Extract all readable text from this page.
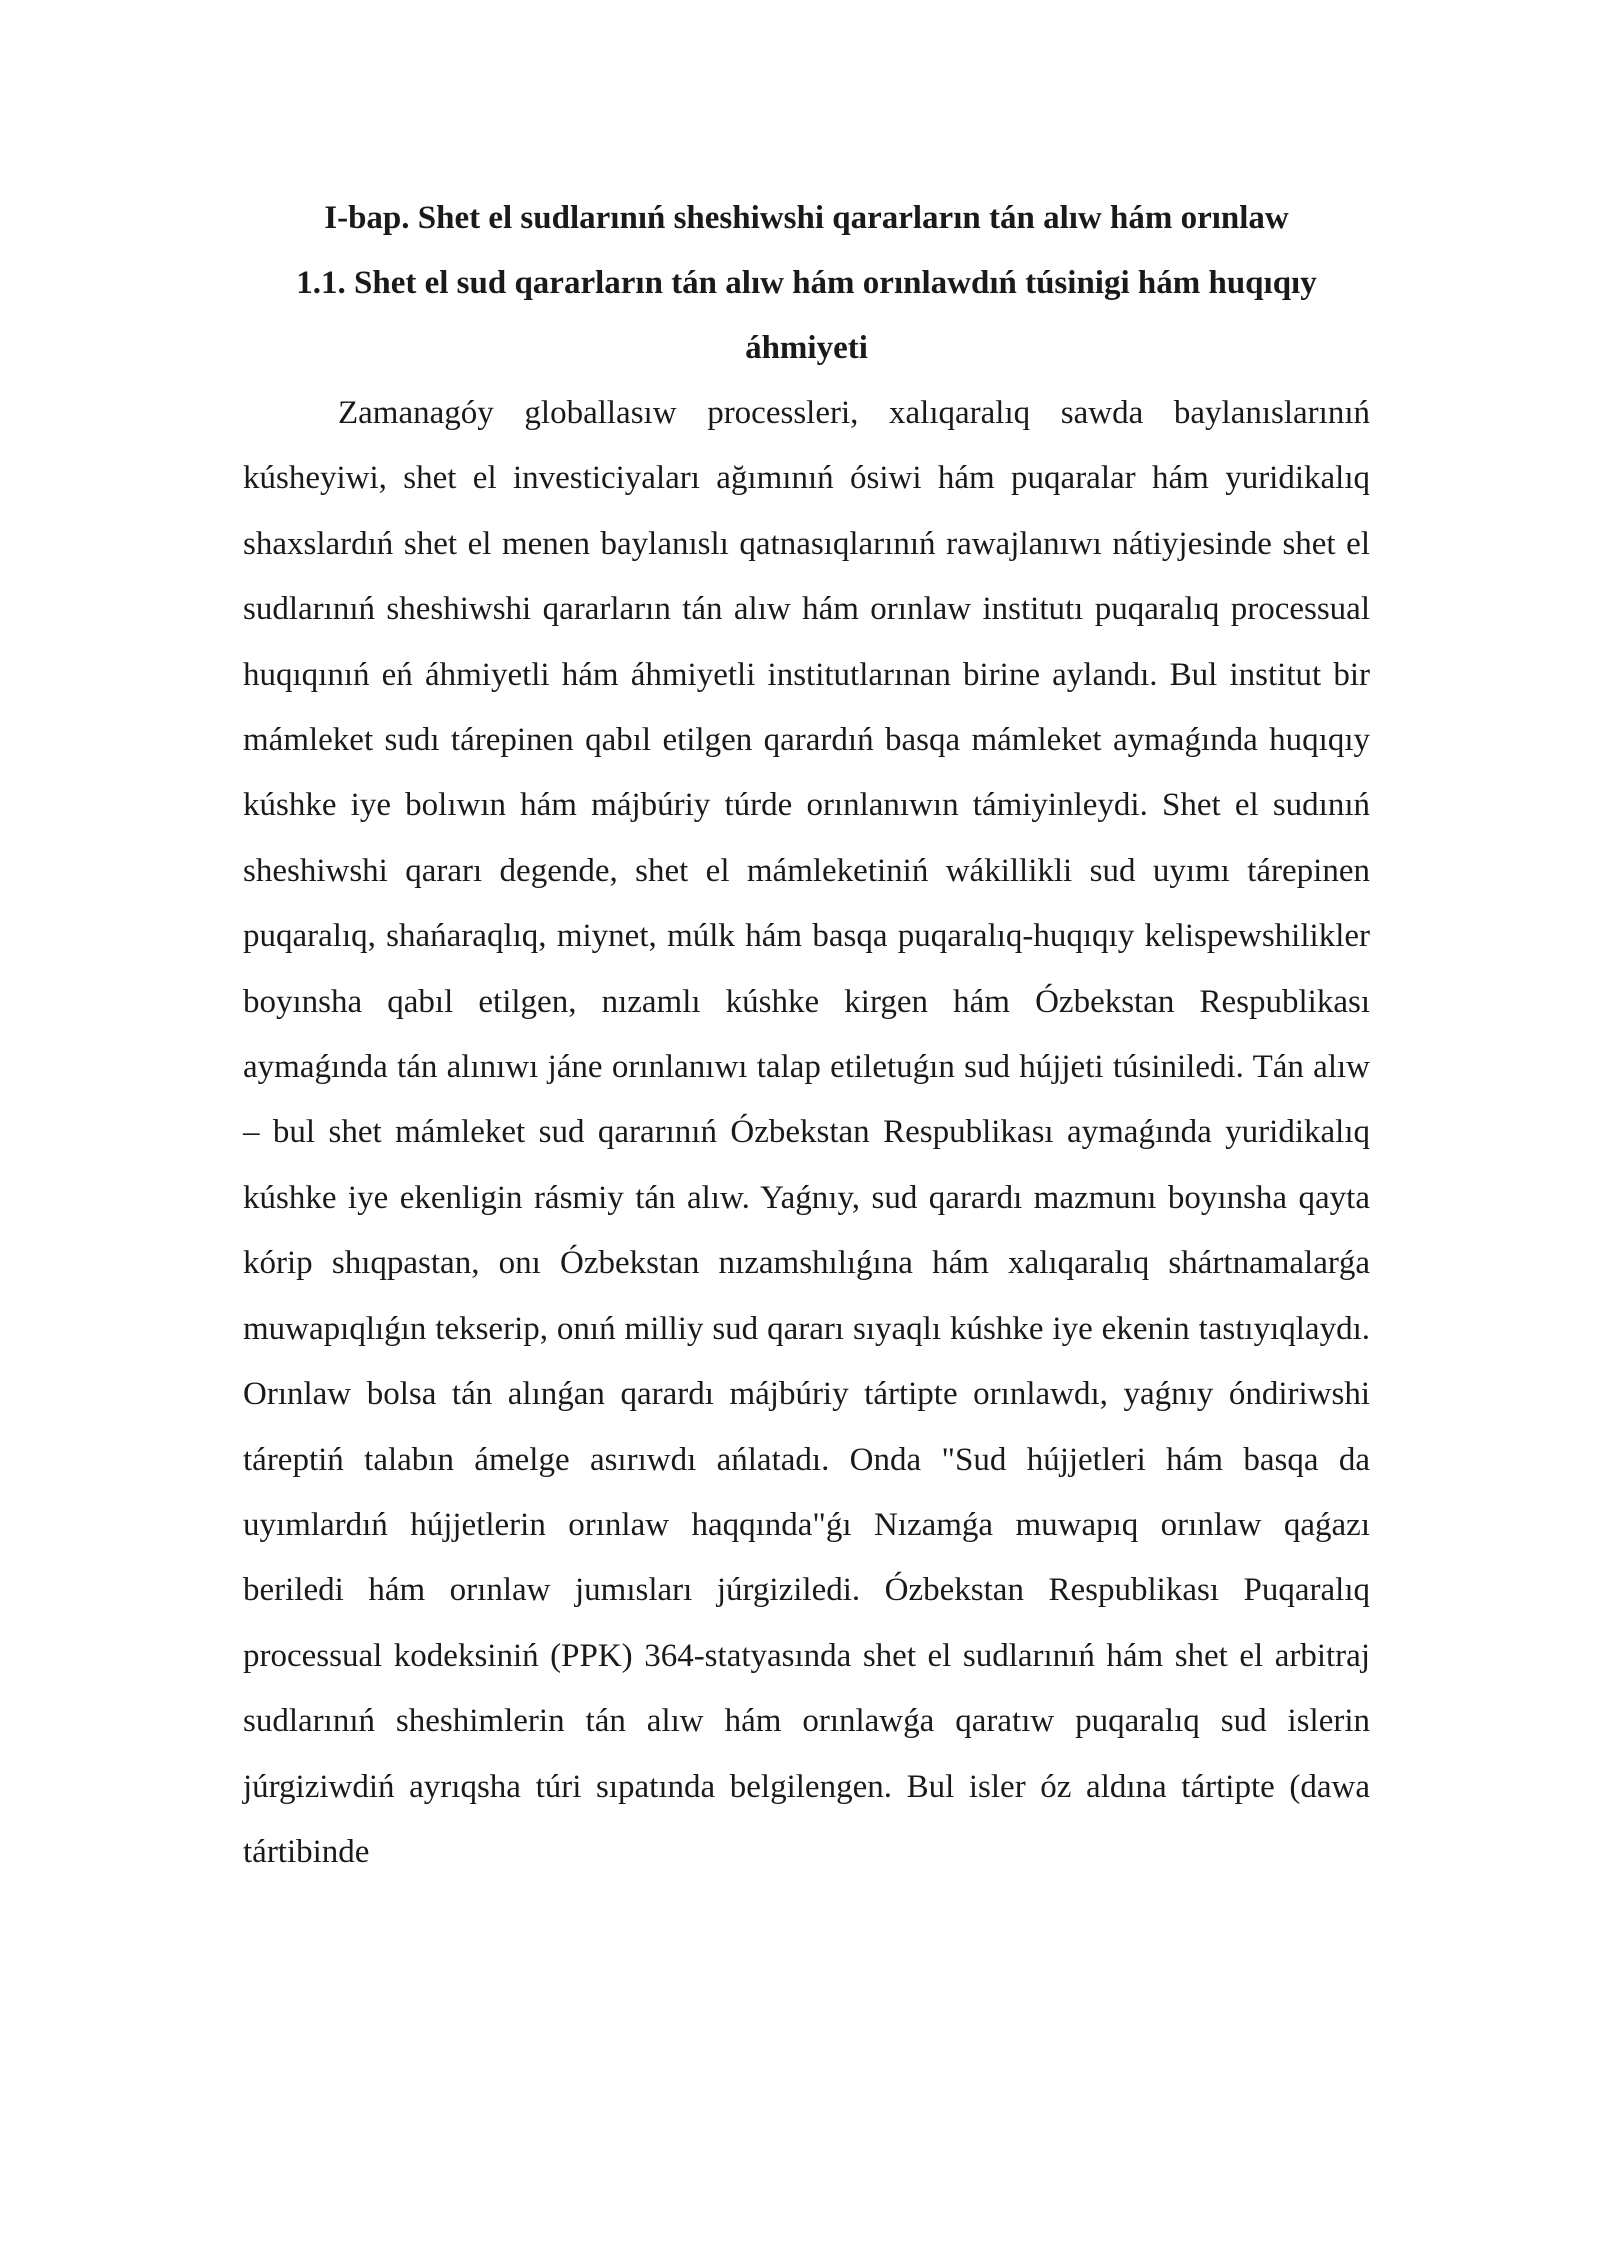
I-bap. Shet el sudlarınıń sheshiwshi qararların tán alıw hám orınlaw
1.1. Shet el sud qararların tán alıw hám orınlawdıń túsinigi hám huqıqıy áhmiyeti

Zamanagóy globallasıw processleri, xalıqaralıq sawda baylanıslarınıń kúsheyiwi, shet el investiciyaları ağımınıń ósiwi hám puqaralar hám yuridikalıq shaxslardıń shet el menen baylanıslı qatnasıqlarınıń rawajlanıwı nátiyjesinde shet el sudlarınıń sheshiwshi qararların tán alıw hám orınlaw institutı puqaralıq processual huqıqınıń eń áhmiyetli hám áhmiyetli institutlarınan birine aylandı. Bul institut bir mámleket sudı tárepinen qabıl etilgen qarardıń basqa mámleket aymaǵında huqıqıy kúshke iye bolıwın hám májbúriy túrde orınlanıwın támiyinleydi. Shet el sudınıń sheshiwshi qararı degende, shet el mámleketiniń wákillikli sud uyımı tárepinen puqaralıq, shańaraqlıq, miynet, múlk hám basqa puqaralıq-huqıqıy kelispewshilikler boyınsha qabıl etilgen, nızamlı kúshke kirgen hám Ózbekstan Respublikası aymaǵında tán alınıwı jáne orınlanıwı talap etiletuǵın sud hújjeti túsiniledi. Tán alıw – bul shet mámleket sud qararınıń Ózbekstan Respublikası aymaǵında yuridikalıq kúshke iye ekenligin rásmiy tán alıw. Yaǵnıy, sud qarardı mazmunı boyınsha qayta kórip shıqpastan, onı Ózbekstan nızamshılıǵına hám xalıqaralıq shártnamalarǵa muwapıqlıǵın tekserip, onıń milliy sud qararı sıyaqlı kúshke iye ekenin tastıyıqlaydı. Orınlaw bolsa tán alınǵan qarardı májbúriy tártipte orınlawdı, yaǵnıy óndiriwshi táreptiń talabın ámelge asırıwdı ańlatadı. Onda "Sud hújjetleri hám basqa da uyımlardıń hújjetlerin orınlaw haqqında"ǵı Nızamǵa muwapıq orınlaw qaǵazı beriledi hám orınlaw jumısları júrgiziledi. Ózbekstan Respublikası Puqaralıq processual kodeksiniń (PPK) 364-statyasında shet el sudlarınıń hám shet el arbitraj sudlarınıń sheshimlerin tán alıw hám orınlawǵa qaratıw puqaralıq sud islerin júrgiziwdiń ayrıqsha túri sıpatında belgilengen. Bul isler óz aldına tártipte (dawa tártibinde
